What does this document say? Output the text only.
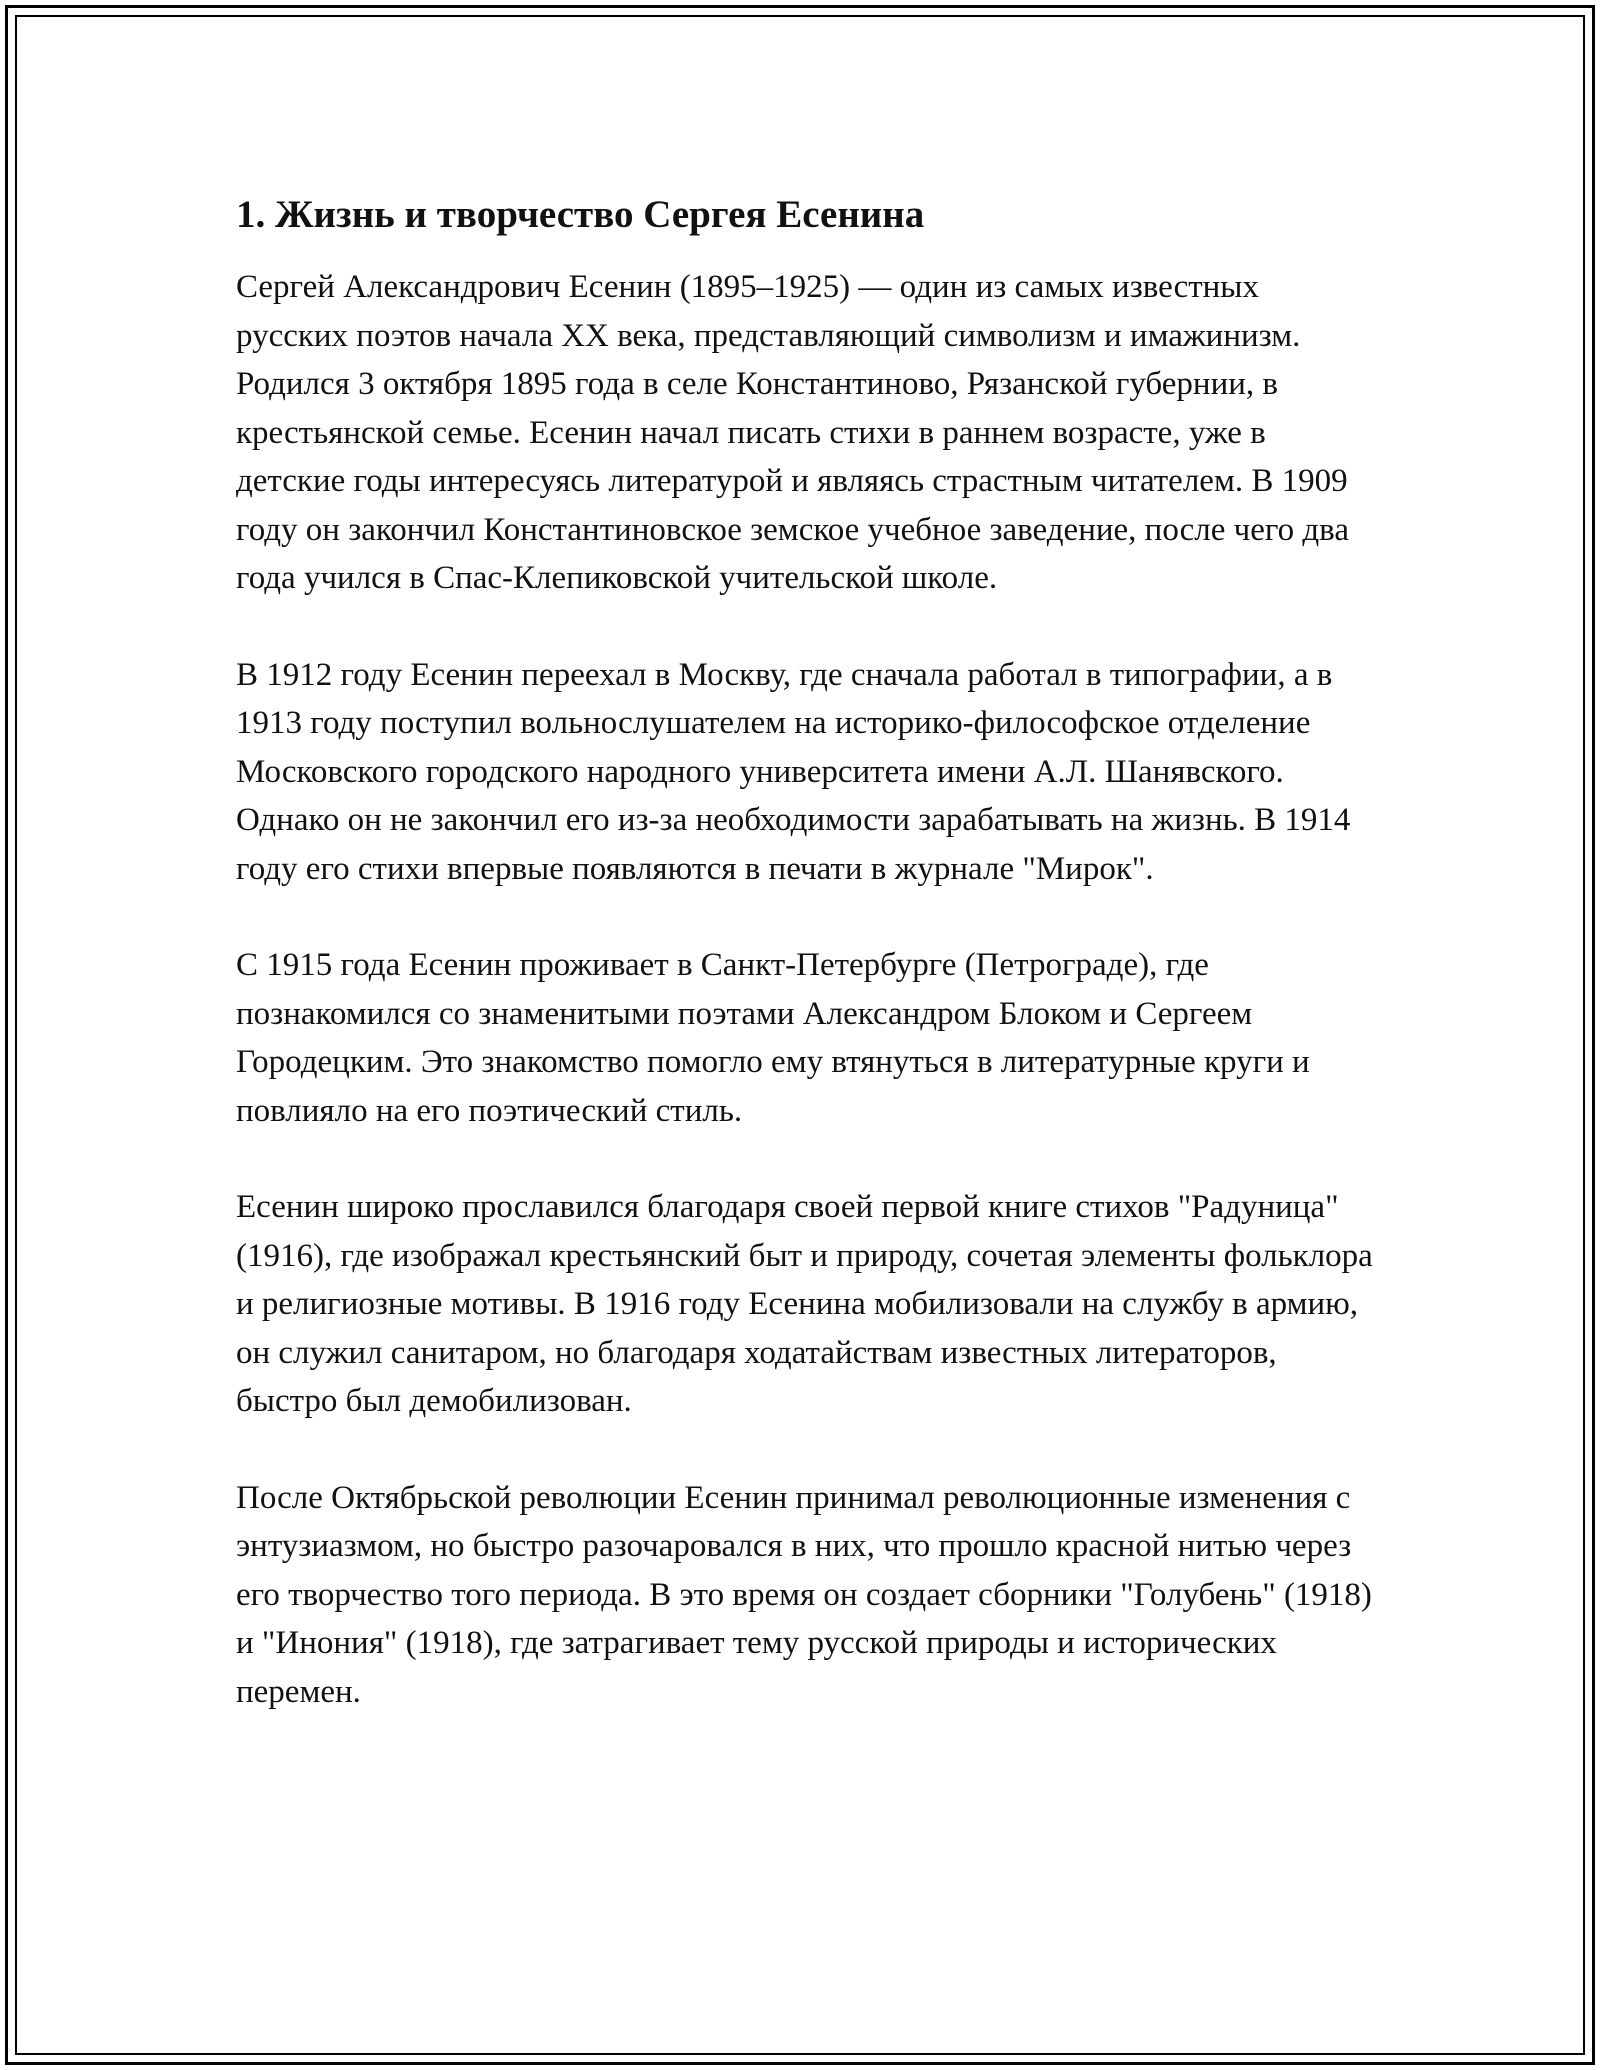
1. Жизнь и творчество Сергея Есенина

Сергей Александрович Есенин (1895–1925) — один из самых известных русских поэтов начала XX века, представляющий символизм и имажинизм. Родился 3 октября 1895 года в селе Константиново, Рязанской губернии, в крестьянской семье. Есенин начал писать стихи в раннем возрасте, уже в детские годы интересуясь литературой и являясь страстным читателем. В 1909 году он закончил Константиновское земское учебное заведение, после чего два года учился в Спас-Клепиковской учительской школе.

В 1912 году Есенин переехал в Москву, где сначала работал в типографии, а в 1913 году поступил вольнослушателем на историко-философское отделение Московского городского народного университета имени А.Л. Шанявского. Однако он не закончил его из-за необходимости зарабатывать на жизнь. В 1914 году его стихи впервые появляются в печати в журнале "Мирок".

С 1915 года Есенин проживает в Санкт-Петербурге (Петрограде), где познакомился со знаменитыми поэтами Александром Блоком и Сергеем Городецким. Это знакомство помогло ему втянуться в литературные круги и повлияло на его поэтический стиль.

Есенин широко прославился благодаря своей первой книге стихов "Радуница" (1916), где изображал крестьянский быт и природу, сочетая элементы фольклора и религиозные мотивы. В 1916 году Есенина мобилизовали на службу в армию, он служил санитаром, но благодаря ходатайствам известных литераторов, быстро был демобилизован.

После Октябрьской революции Есенин принимал революционные изменения с энтузиазмом, но быстро разочаровался в них, что прошло красной нитью через его творчество того периода. В это время он создает сборники "Голубень" (1918) и "Инония" (1918), где затрагивает тему русской природы и исторических перемен.
